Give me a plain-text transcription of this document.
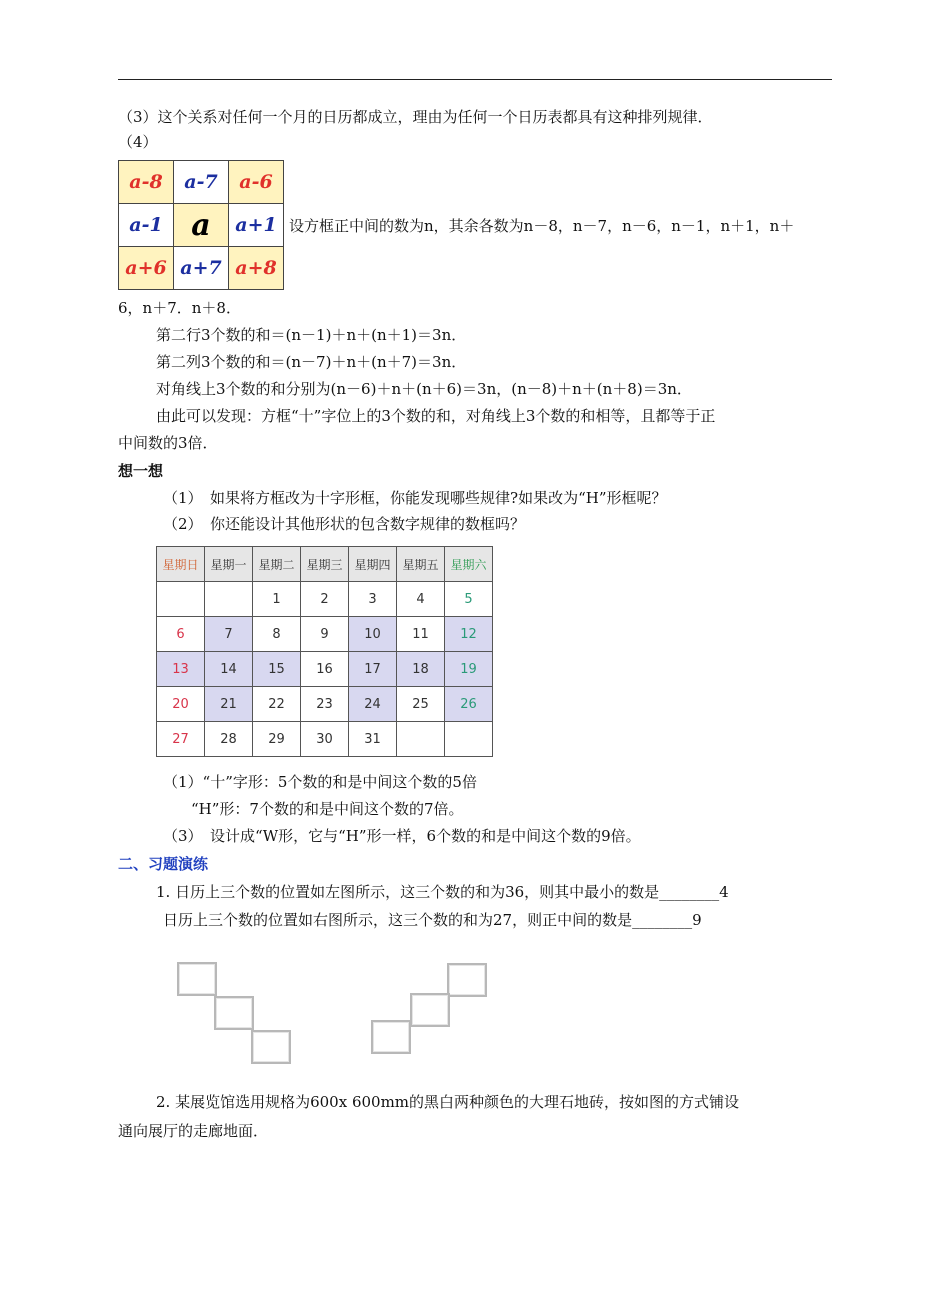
（3）这个关系对任何一个月的日历都成立，理由为任何一个日历表都具有这种排列规律．
（4）
a-8	a-7	a-6
a-1	a	a+1
a+6	a+7	a+8
设方框正中间的数为n，其余各数为n－8，n－7，n－6，n－1，n＋1，n＋
6，n＋7．n＋8．
第二行3个数的和＝(n－1)＋n＋(n＋1)＝3n．
第二列3个数的和＝(n－7)＋n＋(n＋7)＝3n．
对角线上3个数的和分别为(n－6)＋n＋(n＋6)＝3n，(n－8)＋n＋(n＋8)＝3n．
由此可以发现：方框“十”字位上的3个数的和，对角线上3个数的和相等，且都等于正
中间数的3倍．
想一想
（1）　如果将方框改为十字形框，你能发现哪些规律?如果改为“H”形框呢？
（2）　你还能设计其他形状的包含数字规律的数框吗？
星期日	星期一	星期二	星期三	星期四	星期五	星期六
		1	2	3	4	5
6	7	8	9	10	11	12
13	14	15	16	17	18	19
20	21	22	23	24	25	26
27	28	29	30	31		
（1）“十”字形：5个数的和是中间这个数的5倍
“H”形：7个数的和是中间这个数的7倍。
（3）　设计成“W形，它与“H”形一样，6个数的和是中间这个数的9倍。
二、习题演练
1. 日历上三个数的位置如左图所示，这三个数的和为36，则其中最小的数是________4
日历上三个数的位置如右图所示，这三个数的和为27，则正中间的数是________9
2. 某展览馆选用规格为600x 600mm的黑白两种颜色的大理石地砖，按如图的方式铺设
通向展厅的走廊地面．
